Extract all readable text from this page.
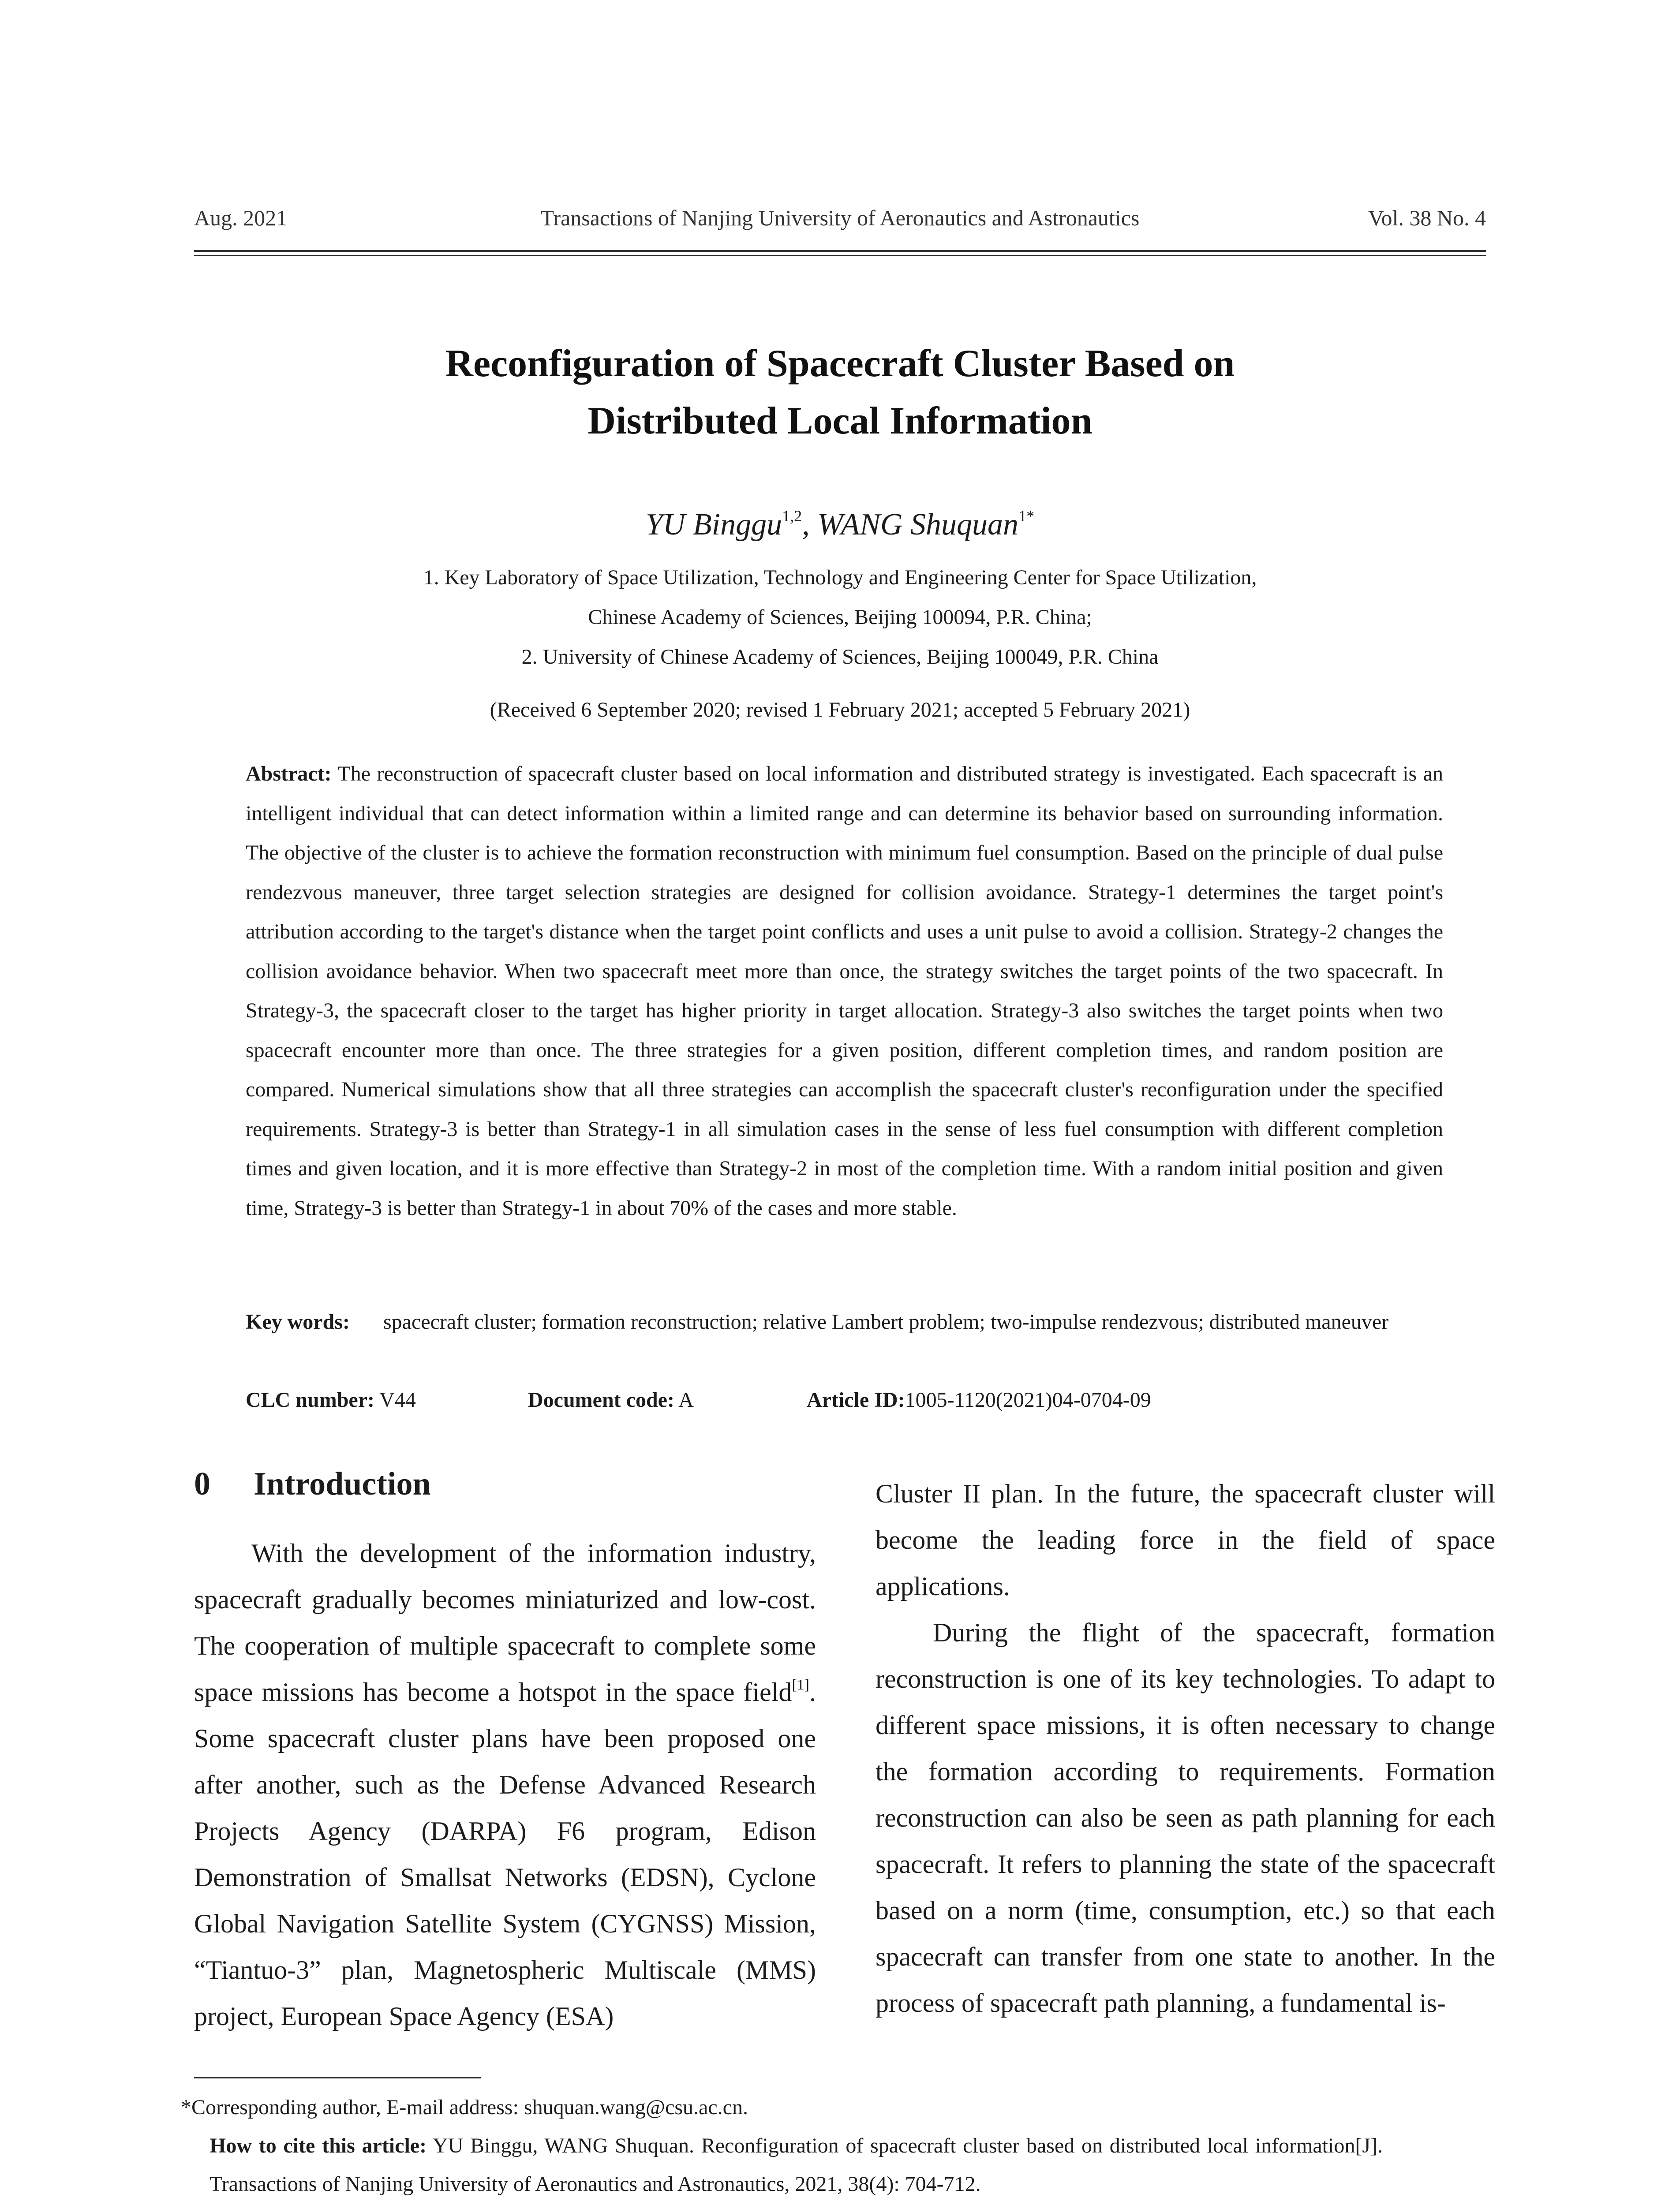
Aug. 2021	Transactions of Nanjing University of Aeronautics and Astronautics	Vol. 38 No. 4
Reconfiguration of Spacecraft Cluster Based on
Distributed Local Information
YU Binggu$^{1,2}$, WANG Shuquan$^{1*}$
1. Key Laboratory of Space Utilization, Technology and Engineering Center for Space Utilization,
Chinese Academy of Sciences, Beijing 100094, P.R. China;
2. University of Chinese Academy of Sciences, Beijing 100049, P.R. China
(Received 6 September 2020; revised 1 February 2021; accepted 5 February 2021)

Abstract: The reconstruction of spacecraft cluster based on local information and distributed strategy is investigated. Each spacecraft is an intelligent individual that can detect information within a limited range and can determine its behavior based on surrounding information. The objective of the cluster is to achieve the formation reconstruction with minimum fuel consumption. Based on the principle of dual pulse rendezvous maneuver, three target selection strategies are designed for collision avoidance. Strategy-1 determines the target point's attribution according to the target's distance when the target point conflicts and uses a unit pulse to avoid a collision. Strategy-2 changes the collision avoidance behavior. When two spacecraft meet more than once, the strategy switches the target points of the two spacecraft. In Strategy-3, the spacecraft closer to the target has higher priority in target allocation. Strategy-3 also switches the target points when two spacecraft encounter more than once. The three strategies for a given position, different completion times, and random position are compared. Numerical simulations show that all three strategies can accomplish the spacecraft cluster's reconfiguration under the specified requirements. Strategy-3 is better than Strategy-1 in all simulation cases in the sense of less fuel consumption with different completion times and given location, and it is more effective than Strategy-2 in most of the completion time. With a random initial position and given time, Strategy-3 is better than Strategy-1 in about 70% of the cases and more stable.

Key words: spacecraft cluster; formation reconstruction; relative Lambert problem; two-impulse rendezvous; distributed maneuver
CLC number: V44	Document code: A	Article ID:1005-1120(2021)04-0704-09
0 Introduction

With the development of the information industry, spacecraft gradually becomes miniaturized and low-cost. The cooperation of multiple spacecraft to complete some space missions has become a hotspot in the space field[1]. Some spacecraft cluster plans have been proposed one after another, such as the Defense Advanced Research Projects Agency (DARPA) F6 program, Edison Demonstration of Smallsat Networks (EDSN), Cyclone Global Navigation Satellite System (CYGNSS) Mission, “Tiantuo-3” plan, Magnetospheric Multiscale (MMS) project, European Space Agency (ESA)

Cluster II plan. In the future, the spacecraft cluster will become the leading force in the field of space applications.

During the flight of the spacecraft, formation reconstruction is one of its key technologies. To adapt to different space missions, it is often necessary to change the formation according to requirements. Formation reconstruction can also be seen as path planning for each spacecraft. It refers to planning the state of the spacecraft based on a norm (time, consumption, etc.) so that each spacecraft can transfer from one state to another. In the process of spacecraft path planning, a fundamental is-

*Corresponding author, E-mail address: shuquan.wang@csu.ac.cn.
How to cite this article: YU Binggu, WANG Shuquan. Reconfiguration of spacecraft cluster based on distributed local information[J]. Transactions of Nanjing University of Aeronautics and Astronautics, 2021, 38(4): 704-712.
